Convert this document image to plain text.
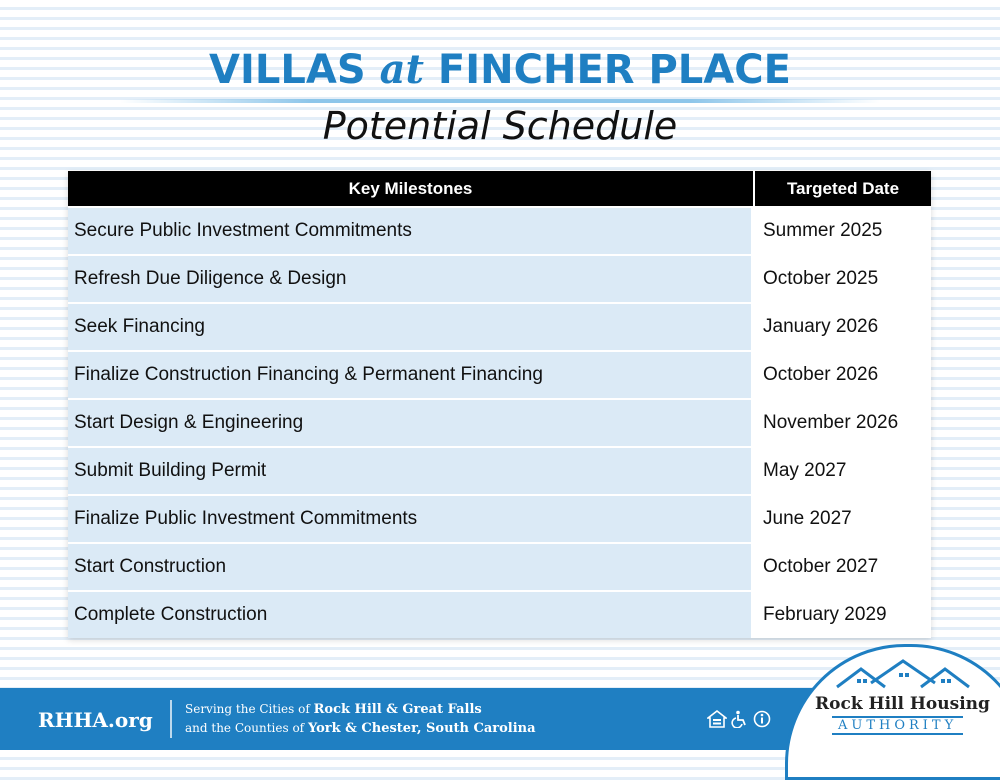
VILLAS at FINCHER PLACE
Potential Schedule
Key Milestones	Targeted Date
Secure Public Investment Commitments	Summer 2025
Refresh Due Diligence & Design	October 2025
Seek Financing	January 2026
Finalize Construction Financing & Permanent Financing	October 2026
Start Design & Engineering	November 2026
Submit Building Permit	May 2027
Finalize Public Investment Commitments	June 2027
Start Construction	October 2027
Complete Construction	February 2029
RHHA.org	Serving the Cities of Rock Hill & Great Falls
and the Counties of York & Chester, South Carolina
Rock Hill Housing
AUTHORITY
